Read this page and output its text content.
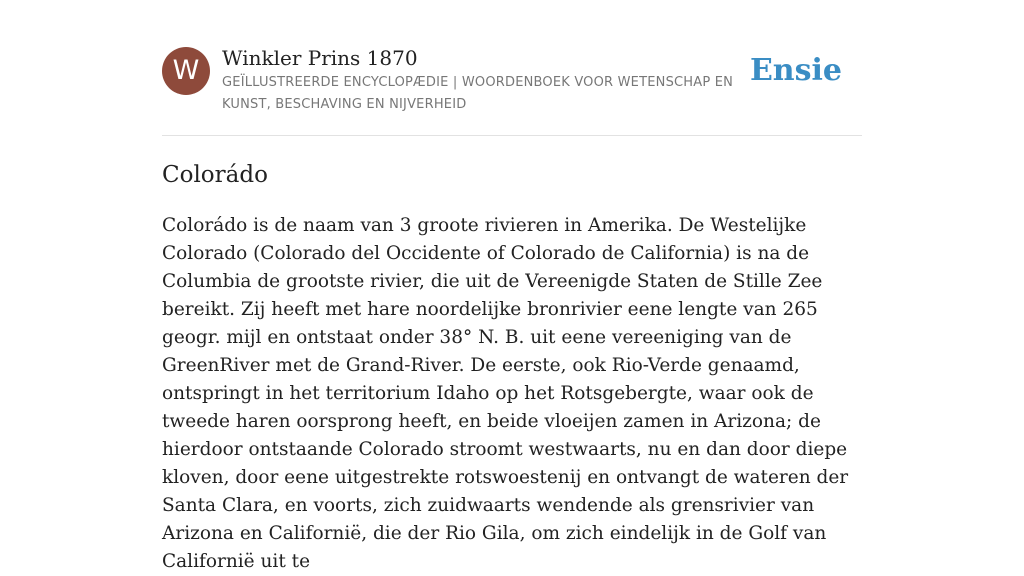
W	Winkler Prins 1870
GEÏLLUSTREERDE ENCYCLOPÆDIE | WOORDENBOEK VOOR WETENSCHAP EN KUNST, BESCHAVING EN NIJVERHEID
Ensie
Colorádo

Colorádo is de naam van 3 groote rivieren in Amerika. De Westelijke Colorado (Colorado del Occidente of Colorado de California) is na de Columbia de grootste rivier, die uit de Vereenigde Staten de Stille Zee bereikt. Zij heeft met hare noordelijke bronrivier eene lengte van 265 geogr. mijl en ontstaat onder 38° N. B. uit eene vereeniging van de GreenRiver met de Grand-River. De eerste, ook Rio-Verde genaamd, ontspringt in het territorium Idaho op het Rotsgebergte, waar ook de tweede haren oorsprong heeft, en beide vloeijen zamen in Arizona; de hierdoor ontstaande Colorado stroomt westwaarts, nu en dan door diepe kloven, door eene uitgestrekte rotswoestenij en ontvangt de wateren der Santa Clara, en voorts, zich zuidwaarts wendende als grensrivier van Arizona en Californië, die der Rio Gila, om zich eindelijk in de Golf van Californië uit te
